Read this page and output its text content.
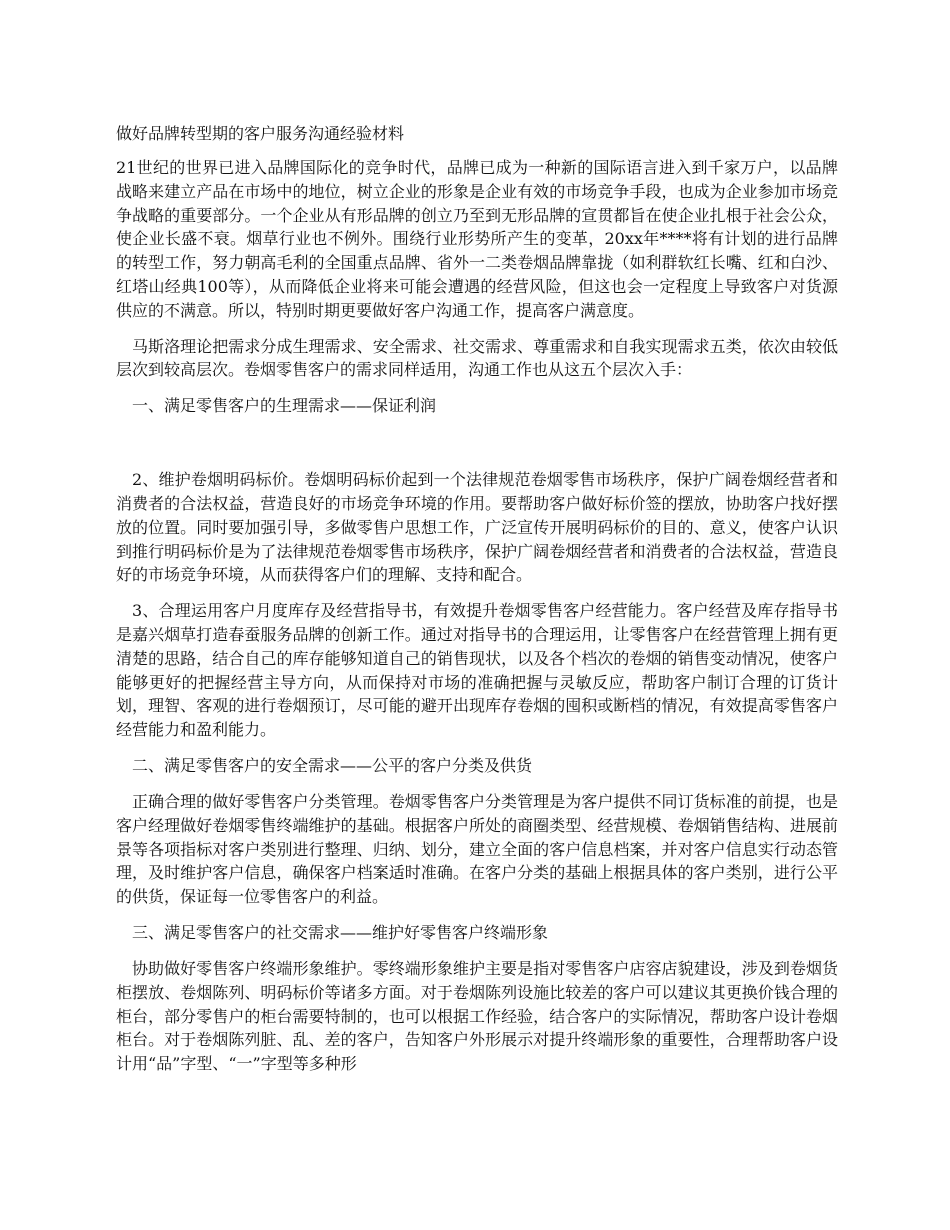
做好品牌转型期的客户服务沟通经验材料

21世纪的世界已进入品牌国际化的竞争时代，品牌已成为一种新的国际语言进入到千家万户，以品牌战略来建立产品在市场中的地位，树立企业的形象是企业有效的市场竞争手段，也成为企业参加市场竞争战略的重要部分。一个企业从有形品牌的创立乃至到无形品牌的宣贯都旨在使企业扎根于社会公众，使企业长盛不衰。烟草行业也不例外。围绕行业形势所产生的变革，20xx年****将有计划的进行品牌的转型工作，努力朝高毛利的全国重点品牌、省外一二类卷烟品牌靠拢（如利群软红长嘴、红和白沙、红塔山经典100等），从而降低企业将来可能会遭遇的经营风险，但这也会一定程度上导致客户对货源供应的不满意。所以，特别时期更要做好客户沟通工作，提高客户满意度。

马斯洛理论把需求分成生理需求、安全需求、社交需求、尊重需求和自我实现需求五类，依次由较低层次到较高层次。卷烟零售客户的需求同样适用，沟通工作也从这五个层次入手：

一、满足零售客户的生理需求——保证利润

2、维护卷烟明码标价。卷烟明码标价起到一个法律规范卷烟零售市场秩序，保护广阔卷烟经营者和消费者的合法权益，营造良好的市场竞争环境的作用。要帮助客户做好标价签的摆放，协助客户找好摆放的位置。同时要加强引导，多做零售户思想工作，广泛宣传开展明码标价的目的、意义，使客户认识到推行明码标价是为了法律规范卷烟零售市场秩序，保护广阔卷烟经营者和消费者的合法权益，营造良好的市场竞争环境，从而获得客户们的理解、支持和配合。

3、合理运用客户月度库存及经营指导书，有效提升卷烟零售客户经营能力。客户经营及库存指导书是嘉兴烟草打造春蚕服务品牌的创新工作。通过对指导书的合理运用，让零售客户在经营管理上拥有更清楚的思路，结合自己的库存能够知道自己的销售现状，以及各个档次的卷烟的销售变动情况，使客户能够更好的把握经营主导方向，从而保持对市场的准确把握与灵敏反应，帮助客户制订合理的订货计划，理智、客观的进行卷烟预订，尽可能的避开出现库存卷烟的囤积或断档的情况，有效提高零售客户经营能力和盈利能力。

二、满足零售客户的安全需求——公平的客户分类及供货

正确合理的做好零售客户分类管理。卷烟零售客户分类管理是为客户提供不同订货标准的前提，也是客户经理做好卷烟零售终端维护的基础。根据客户所处的商圈类型、经营规模、卷烟销售结构、进展前景等各项指标对客户类别进行整理、归纳、划分，建立全面的客户信息档案，并对客户信息实行动态管理，及时维护客户信息，确保客户档案适时准确。在客户分类的基础上根据具体的客户类别，进行公平的供货，保证每一位零售客户的利益。

三、满足零售客户的社交需求——维护好零售客户终端形象

协助做好零售客户终端形象维护。零终端形象维护主要是指对零售客户店容店貌建设，涉及到卷烟货柜摆放、卷烟陈列、明码标价等诸多方面。对于卷烟陈列设施比较差的客户可以建议其更换价钱合理的柜台，部分零售户的柜台需要特制的，也可以根据工作经验，结合客户的实际情况，帮助客户设计卷烟柜台。对于卷烟陈列脏、乱、差的客户，告知客户外形展示对提升终端形象的重要性，合理帮助客户设计用“品”字型、“一”字型等多种形
